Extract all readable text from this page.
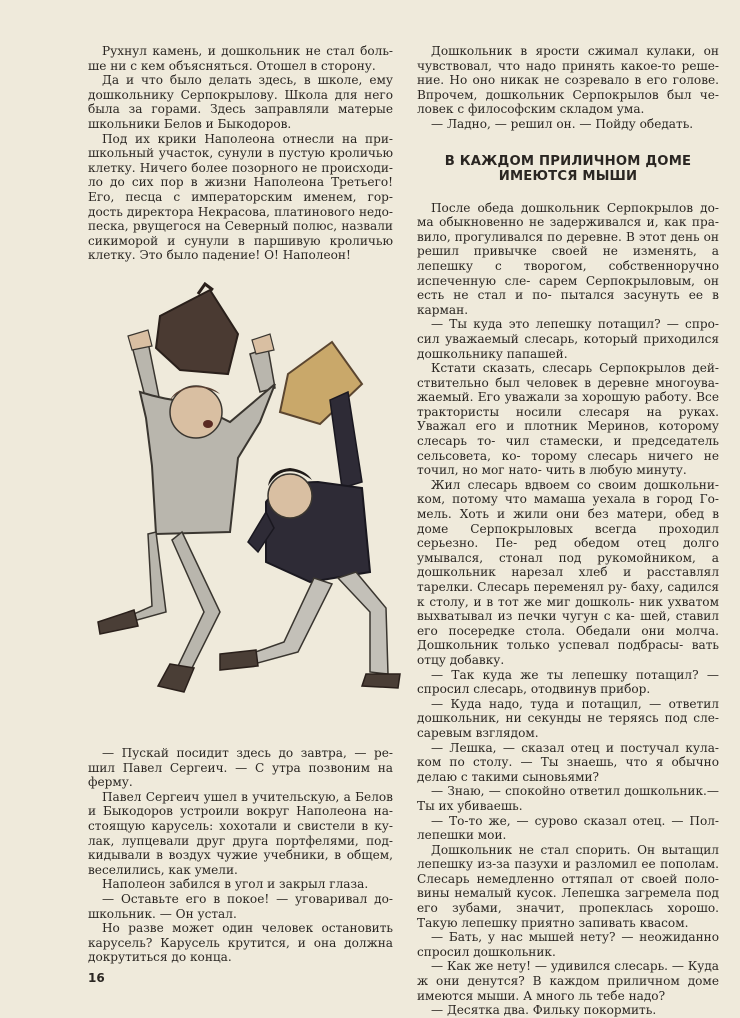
Рухнул камень, и дошкольник не стал боль- ше ни с кем объясняться. Отошел в сторону.

Да и что было делать здесь, в школе, ему дошкольнику Серпокрылову. Школа для него была за горами. Здесь заправляли матерые школьники Белов и Быкодоров.

Под их крики Наполеона отнесли на при- школьный участок, сунули в пустую кроличью клетку. Ничего более позорного не происходи- ло до сих пор в жизни Наполеона Третьего! Его, песца с императорским именем, гор- дость директора Некрасова, платинового недо- песка, рвущегося на Северный полюс, назвали сикиморой и сунули в паршивую кроличью клетку. Это было падение! О! Наполеон!

— Пускай посидит здесь до завтра, — ре- шил Павел Сергеич. — С утра позвоним на ферму.

Павел Сергеич ушел в учительскую, а Белов и Быкодоров устроили вокруг Наполеона на- стоящую карусель: хохотали и свистели в ку- лак, лупцевали друг друга портфелями, под- кидывали в воздух чужие учебники, в общем, веселились, как умели.

Наполеон забился в угол и закрыл глаза.

— Оставьте его в покое! — уговаривал до- школьник. — Он устал.

Но разве может один человек остановить карусель? Карусель крутится, и она должна докрутиться до конца.

Дошкольник в ярости сжимал кулаки, он чувствовал, что надо принять какое-то реше- ние. Но оно никак не созревало в его голове. Впрочем, дошкольник Серпокрылов был че- ловек с философским складом ума.

— Ладно, — решил он. — Пойду обедать.

В КАЖДОМ ПРИЛИЧНОМ ДОМЕ ИМЕЮТСЯ МЫШИ

После обеда дошкольник Серпокрылов до- ма обыкновенно не задерживался и, как пра- вило, прогуливался по деревне. В этот день он решил привычке своей не изменять, а лепешку с творогом, собственноручно испеченную сле- сарем Серпокрыловым, он есть не стал и по- пытался засунуть ее в карман.

— Ты куда это лепешку потащил? — спро- сил уважаемый слесарь, который приходился дошкольнику папашей.

Кстати сказать, слесарь Серпокрылов дей- ствительно был человек в деревне многоува- жаемый. Его уважали за хорошую работу. Все трактористы носили слесаря на руках. Уважал его и плотник Меринов, которому слесарь то- чил стамески, и председатель сельсовета, ко- торому слесарь ничего не точил, но мог нато- чить в любую минуту.

Жил слесарь вдвоем со своим дошкольни- ком, потому что мамаша уехала в город Го- мель. Хоть и жили они без матери, обед в доме Серпокрыловых всегда проходил серьезно. Пе- ред обедом отец долго умывался, стонал под рукомойником, а дошкольник нарезал хлеб и расставлял тарелки. Слесарь переменял ру- баху, садился к столу, и в тот же миг дошколь- ник ухватом выхватывал из печки чугун с ка- шей, ставил его посередке стола. Обедали они молча. Дошкольник только успевал подбрасы- вать отцу добавку.

— Так куда же ты лепешку потащил? — спросил слесарь, отодвинув прибор.

— Куда надо, туда и потащил, — ответил дошкольник, ни секунды не теряясь под сле- саревым взглядом.

— Лешка, — сказал отец и постучал кула- ком по столу. — Ты знаешь, что я обычно делаю с такими сыновьями?

— Знаю, — спокойно ответил дошкольник.— Ты их убиваешь.

— То-то же, — сурово сказал отец. — Пол- лепешки мои.

Дошкольник не стал спорить. Он вытащил лепешку из-за пазухи и разломил ее пополам. Слесарь немедленно оттяпал от своей поло- вины немалый кусок. Лепешка загремела под его зубами, значит, пропеклась хорошо. Такую лепешку приятно запивать квасом.

— Бать, у нас мышей нету? — неожиданно спросил дошкольник.

— Как же нету! — удивился слесарь. — Куда ж они денутся? В каждом приличном доме имеются мыши. А много ль тебе надо?

— Десятка два. Фильку покормить.

16
